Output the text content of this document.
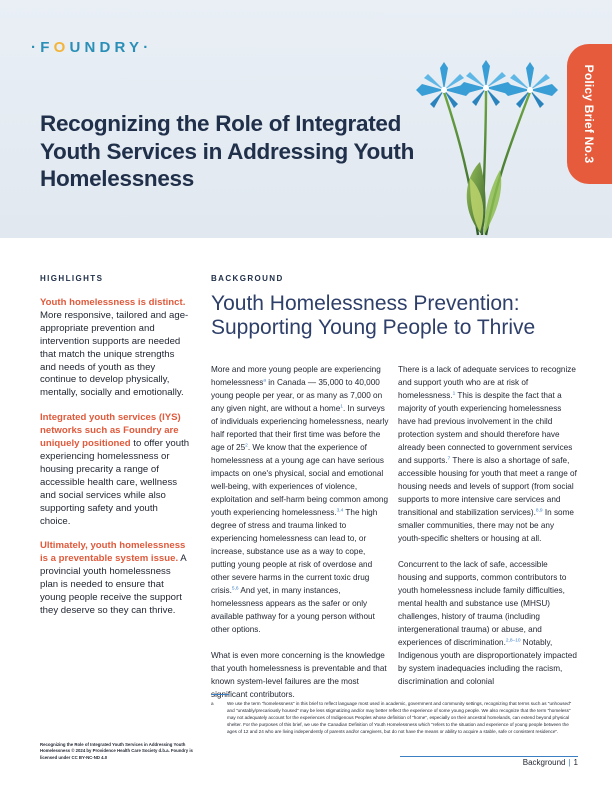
·FOUNDRY·
Recognizing the Role of Integrated Youth Services in Addressing Youth Homelessness
Policy Brief No.3
HIGHLIGHTS

Youth homelessness is distinct. More responsive, tailored and age-appropriate prevention and intervention supports are needed that match the unique strengths and needs of youth as they continue to develop physically, mentally, socially and emotionally.

Integrated youth services (IYS) networks such as Foundry are uniquely positioned to offer youth experiencing homelessness or housing precarity a range of accessible health care, wellness and social services while also supporting safety and youth choice.

Ultimately, youth homelessness is a preventable system issue. A provincial youth homelessness plan is needed to ensure that young people receive the support they deserve so they can thrive.

Recognizing the Role of Integrated Youth Services in Addressing Youth Homelessness © 2024 by Providence Health Care Society d.b.a. Foundry is licensed under CC BY-NC-ND 4.0
BACKGROUND
Youth Homelessness Prevention: Supporting Young People to Thrive

More and more young people are experiencing homelessness$^a$ in Canada — 35,000 to 40,000 young people per year, or as many as 7,000 on any given night, are without a home$^1$. In surveys of individuals experiencing homelessness, nearly half reported that their first time was before the age of $25^2$. We know that the experience of homelessness at a young age can have serious impacts on one's physical, social and emotional well-being, with experiences of violence, exploitation and self-harm being common among youth experiencing homelessness.$^{3,4}$ The high degree of stress and trauma linked to experiencing homelessness can lead to, or increase, substance use as a way to cope, putting young people at risk of overdose and other severe harms in the current toxic drug crisis.$^{5,6}$ And yet, in many instances, homelessness appears as the safer or only available pathway for a young person without other options.

What is even more concerning is the knowledge that youth homelessness is preventable and that known system-level failures are the most significant contributors.

There is a lack of adequate services to recognize and support youth who are at risk of homelessness.$^1$ This is despite the fact that a majority of youth experiencing homelessness have had previous involvement in the child protection system and should therefore have already been connected to government services and supports.$^7$ There is also a shortage of safe, accessible housing for youth that meet a range of housing needs and levels of support (from social supports to more intensive care services and transitional and stabilization services).$^{8,9}$ In some smaller communities, there may not be any youth-specific shelters or housing at all.

Concurrent to the lack of safe, accessible housing and supports, common contributors to youth homelessness include family difficulties, mental health and substance use (MHSU) challenges, history of trauma (including intergenerational trauma) or abuse, and experiences of discrimination.$^{2,8-10}$ Notably, Indigenous youth are disproportionately impacted by system inadequacies including the racism, discrimination and colonial

a	We use the term "homelessness" in this brief to reflect language most used in academic, government and community settings, recognizing that terms such as "unhoused" and "unstably/precariously housed" may be less stigmatizing and/or may better reflect the experience of some young people. We also recognize that the term "homeless" may not adequately account for the experiences of Indigenous Peoples whose definition of "home", especially on their ancestral homelands, can extend beyond physical shelter. For the purposes of this brief, we use the Canadian Definition of Youth Homelessness which "refers to the situation and experience of young people between the ages of 12 and 24 who are living independently of parents and/or caregivers, but do not have the means or ability to acquire a stable, safe or consistent residence".
Background | 1
